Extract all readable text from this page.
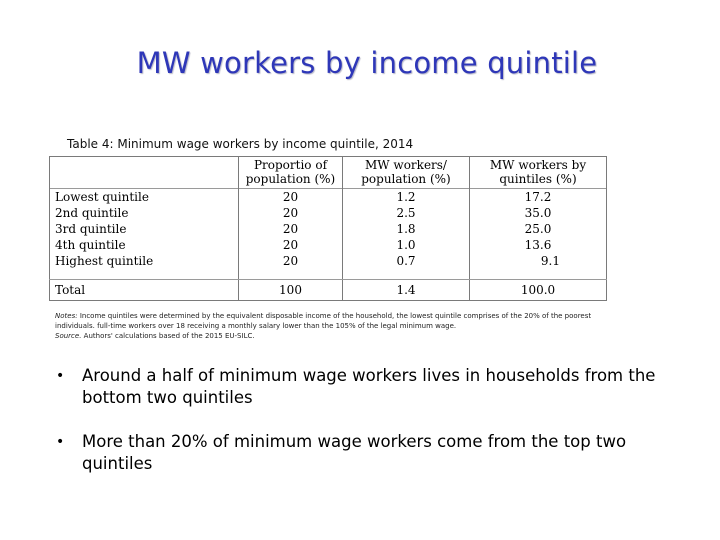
MW workers by income quintile
Table 4: Minimum wage workers by income quintile, 2014
	Proportio of population (%)	MW workers/ population (%)	MW workers by quintiles (%)
Lowest quintile	20	1.2	17.2
2nd quintile	20	2.5	35.0
3rd quintile	20	1.8	25.0
4th quintile	20	1.0	13.6
Highest quintile	20	0.7	9.1

Total	100	1.4	100.0
Notes: Income quintiles were determined by the equivalent disposable income of the household, the lowest quintile comprises of the 20% of the poorest individuals. full-time workers over 18 receiving a monthly salary lower than the 105% of the legal minimum wage.
Source. Authors' calculations based of the 2015 EU-SILC.
• Around a half of minimum wage workers lives in households from the bottom two quintiles
• More than 20% of minimum wage workers come from the top two quintiles
